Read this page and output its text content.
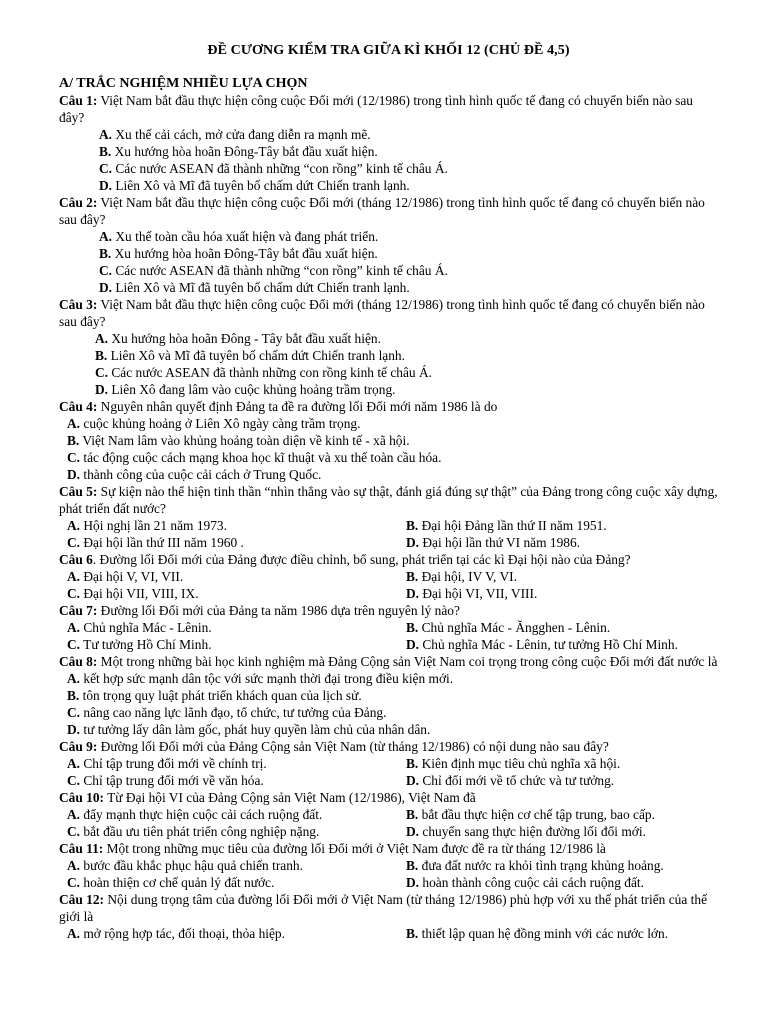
ĐỀ CƯƠNG KIỂM TRA GIỮA KÌ KHỐI 12 (CHỦ ĐỀ 4,5)
A/ TRẮC NGHIỆM NHIỀU LỰA CHỌN
Câu 1: Việt Nam bắt đầu thực hiện công cuộc Đổi mới (12/1986) trong tình hình quốc tế đang có chuyển biến nào sau đây?
A. Xu thế cải cách, mở cửa đang diễn ra mạnh mẽ.
B. Xu hướng hòa hoãn Đông-Tây bắt đầu xuất hiện.
C. Các nước ASEAN đã thành những “con rồng” kinh tế châu Á.
D. Liên Xô và Mĩ đã tuyên bố chấm dứt Chiến tranh lạnh.
Câu 2: Việt Nam bắt đầu thực hiện công cuộc Đổi mới (tháng 12/1986) trong tình hình quốc tế đang có chuyển biến nào sau đây?
A. Xu thế toàn cầu hóa xuất hiện và đang phát triển.
B. Xu hướng hòa hoãn Đông-Tây bắt đầu xuất hiện.
C. Các nước ASEAN đã thành những “con rồng” kinh tế châu Á.
D. Liên Xô và Mĩ đã tuyên bố chấm dứt Chiến tranh lạnh.
Câu 3: Việt Nam bắt đầu thực hiện công cuộc Đổi mới (tháng 12/1986) trong tình hình quốc tế đang có chuyển biến nào sau đây?
A. Xu hướng hòa hoãn Đông - Tây bắt đầu xuất hiện.
B. Liên Xô và Mĩ đã tuyên bố chấm dứt Chiến tranh lạnh.
C. Các nước ASEAN đã thành những con rồng kinh tế châu Á.
D. Liên Xô đang lâm vào cuộc khủng hoảng trầm trọng.
Câu 4: Nguyên nhân quyết định Đảng ta đề ra đường lối Đổi mới năm 1986 là do
A. cuộc khủng hoảng ở Liên Xô ngày càng trầm trọng.
B. Việt Nam lâm vào khủng hoảng toàn diện về kinh tế - xã hội.
C. tác động cuộc cách mạng khoa học kĩ thuật và xu thế toàn cầu hóa.
D. thành công của cuộc cải cách ở Trung Quốc.
Câu 5: Sự kiện nào thể hiện tinh thần “nhìn thẳng vào sự thật, đánh giá đúng sự thật” của Đảng trong công cuộc xây dựng, phát triển đất nước?
A. Hội nghị lần 21 năm 1973.	B. Đại hội Đảng lần thứ II năm 1951.
C. Đại hội lần thứ III năm 1960 .	D. Đại hội lần thứ VI năm 1986.
Câu 6. Đường lối Đổi mới của Đảng được điều chỉnh, bổ sung, phát triển tại các kì Đại hội nào của Đảng?
A. Đại hội V, VI, VII.	B. Đại hội, IV V, VI.
C. Đại hội VII, VIII, IX.	D. Đại hội VI, VII, VIII.
Câu 7: Đường lối Đổi mới của Đảng ta năm 1986 dựa trên nguyên lý nào?
A. Chủ nghĩa Mác - Lênin.	B. Chủ nghĩa Mác - Ăngghen - Lênin.
C. Tư tưởng Hồ Chí Minh.	D. Chủ nghĩa Mác - Lênin, tư tưởng Hồ Chí Minh.
Câu 8: Một trong những bài học kinh nghiệm mà Đảng Cộng sản Việt Nam coi trọng trong công cuộc Đổi mới đất nước là
A. kết hợp sức mạnh dân tộc với sức mạnh thời đại trong điều kiện mới.
B. tôn trọng quy luật phát triển khách quan của lịch sử.
C. nâng cao năng lực lãnh đạo, tổ chức, tư tưởng của Đảng.
D. tư tưởng lấy dân làm gốc, phát huy quyền làm chủ của nhân dân.
Câu 9: Đường lối Đổi mới của Đảng Cộng sản Việt Nam (từ tháng 12/1986) có nội dung nào sau đây?
A. Chỉ tập trung đổi mới về chính trị.	B. Kiên định mục tiêu chủ nghĩa xã hội.
C. Chỉ tập trung đổi mới về văn hóa.	D. Chỉ đổi mới về tổ chức và tư tưởng.
Câu 10: Từ Đại hội VI của Đảng Cộng sản Việt Nam (12/1986), Việt Nam đã
A. đẩy mạnh thực hiện cuộc cải cách ruộng đất.	B. bắt đầu thực hiện cơ chế tập trung, bao cấp.
C. bắt đầu ưu tiên phát triển công nghiệp nặng.	D. chuyển sang thực hiện đường lối đổi mới.
Câu 11: Một trong những mục tiêu của đường lối Đổi mới ở Việt Nam được đề ra từ tháng 12/1986 là
A. bước đầu khắc phục hậu quả chiến tranh.	B. đưa đất nước ra khỏi tình trạng khủng hoảng.
C. hoàn thiện cơ chế quản lý đất nước.	D. hoàn thành công cuộc cải cách ruộng đất.
Câu 12: Nội dung trọng tâm của đường lối Đổi mới ở Việt Nam (từ tháng 12/1986) phù hợp với xu thế phát triển của thế giới là
A. mở rộng hợp tác, đối thoại, thỏa hiệp.	B. thiết lập quan hệ đồng minh với các nước lớn.
